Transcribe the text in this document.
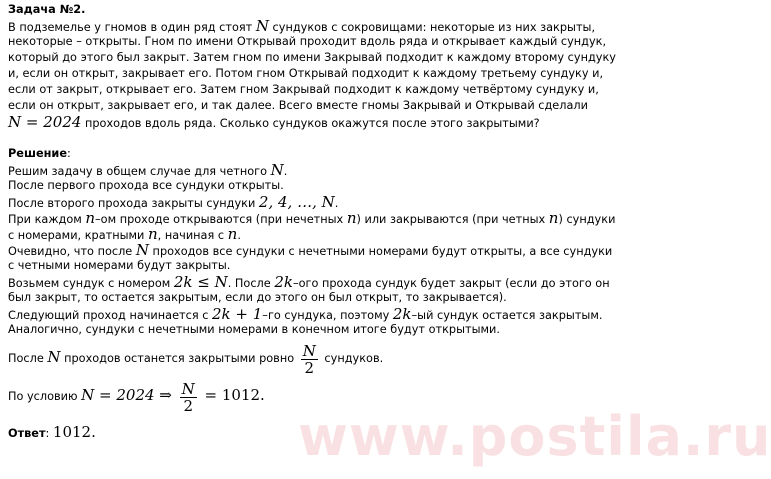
Задача №2.
В подземелье у гномов в один ряд стоят N сундуков с сокровищами: некоторые из них закрыты,
некоторые – открыты. Гном по имени Открывай проходит вдоль ряда и открывает каждый сундук,
который до этого был закрыт. Затем гном по имени Закрывай подходит к каждому второму сундуку
и, если он открыт, закрывает его. Потом гном Открывай подходит к каждому третьему сундуку и,
если от закрыт, открывает его. Затем гном Закрывай подходит к каждому четвёртому сундуку и,
если он открыт, закрывает его, и так далее. Всего вместе гномы Закрывай и Открывай сделали
N = 2024 проходов вдоль ряда. Сколько сундуков окажутся после этого закрытыми?
Решение:
Решим задачу в общем случае для четного N.
После первого прохода все сундуки открыты.
После второго прохода закрыты сундуки 2, 4, …, N.
При каждом n–ом проходе открываются (при нечетных n) или закрываются (при четных n) сундуки
с номерами, кратными n, начиная с n.
Очевидно, что после N проходов все сундуки с нечетными номерами будут открыты, а все сундуки
с четными номерами будут закрыты.
Возьмем сундук с номером 2k ≤ N. После 2k–ого прохода сундук будет закрыт (если до этого он
был закрыт, то остается закрытым, если до этого он был открыт, то закрывается).
Следующий проход начинается с 2k + 1–го сундука, поэтому 2k–ый сундук остается закрытым.
Аналогично, сундуки с нечетными номерами в конечном итоге будут открытыми.
После N проходов останется закрытыми ровно $\frac{N}{2}$ сундуков.
По условию N = 2024 ⇒ $\frac{N}{2} = 1012$.
Ответ: 1012.	www.postila.ru
